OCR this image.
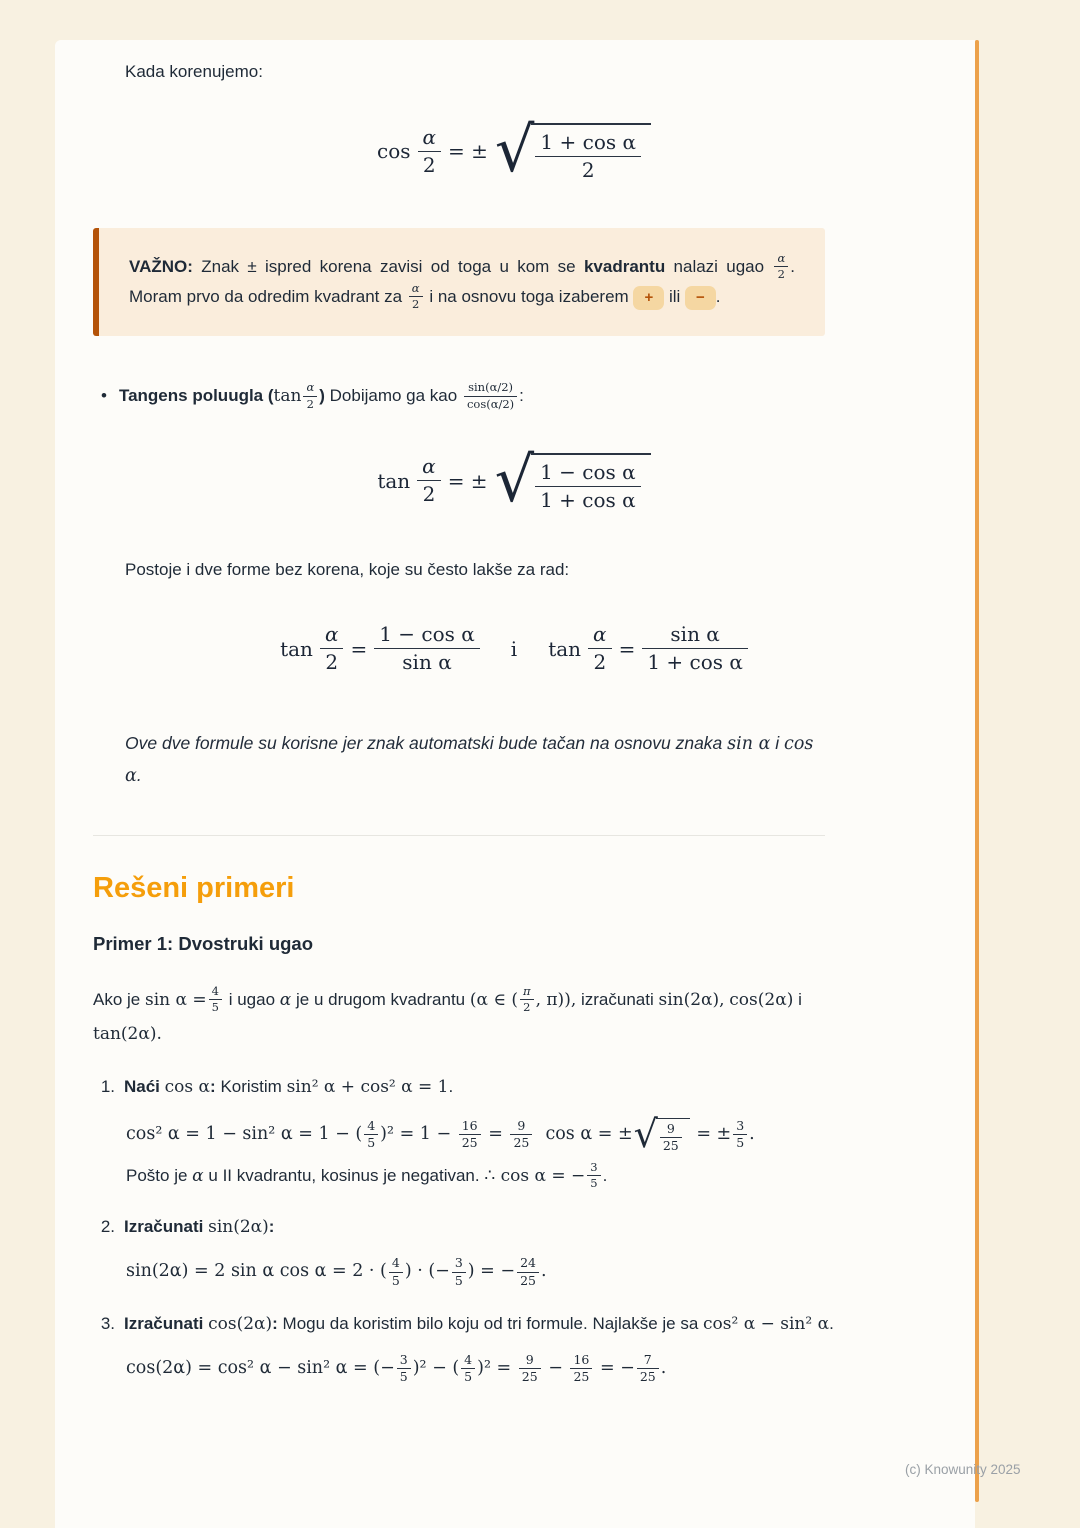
Kada korenujemo:

$\cos \frac{\alpha}{2}$ = ± √ $\frac{\text{1 + cos α}}{2}$
VAŽNO: Znak ± ispred korena zavisi od toga u kom se kvadrantu nalazi ugao $\frac{\alpha}{2}$ . Moram prvo da odredim kvadrant za $\frac{\alpha}{2}$ i na osnovu toga izaberem + ili − .
• Tangens poluugla ($\tan \frac{\alpha}{2}$ ) Dobijamo ga kao $\frac{\sin(\alpha/2)}{\cos(\alpha/2)}$ :
$\tan \frac{\alpha}{2}$ = ± √ $\frac{\text{1 − cos α}}{\text{1 + cos α}}$

Postoje i dve forme bez korena, koje su često lakše za rad:

$\tan \frac{\alpha}{2} = \frac{\text{1 − cos α}}{\text{sin α}}$ i $\tan \frac{\alpha}{2} = \frac{\text{sin α}}{\text{1 + cos α}}$

Ove dve formule su korisne jer znak automatski bude tačan na osnovu znaka sin α i cos α.

Rešeni primeri
Primer 1: Dvostruki ugao

Ako je $\sin \alpha = \frac{4}{5}$ i ugao α je u drugom kvadrantu (α ∈ ( $\frac{\pi}{2}$ , π)), izračunati sin(2α), cos(2α) i tan(2α).

1. Naći cos α: Koristim sin² α + cos² α = 1.

cos² α = 1 − sin² α = 1 − ( $\frac{4}{5} )^2 = 1 - \frac{16}{25} = \frac{9}{25}$ cos α = ± √ $\frac{9}{25}$ = ± $\frac{3}{5}$ .

Pošto je α u II kvadrantu, kosinus je negativan. ∴ cos α = − $\frac{3}{5}$ .

2. Izračunati sin(2α):

sin(2α) = 2 sin α cos α = 2 · ( $\frac{4}{5}$ ) · (− $\frac{3}{5}$ ) = − $\frac{24}{25}$ .
3. Izračunati cos(2α): Mogu da koristim bilo koju od tri formule. Najlakše je sa cos² α − sin² α.

cos(2α) = cos² α − sin² α = (− $\frac{3}{5} )^2$ − ( $\frac{4}{5} )^2 = \frac{9}{25} - \frac{16}{25}$ = − $\frac{7}{25}$ .
(c) Knowunity 2025
